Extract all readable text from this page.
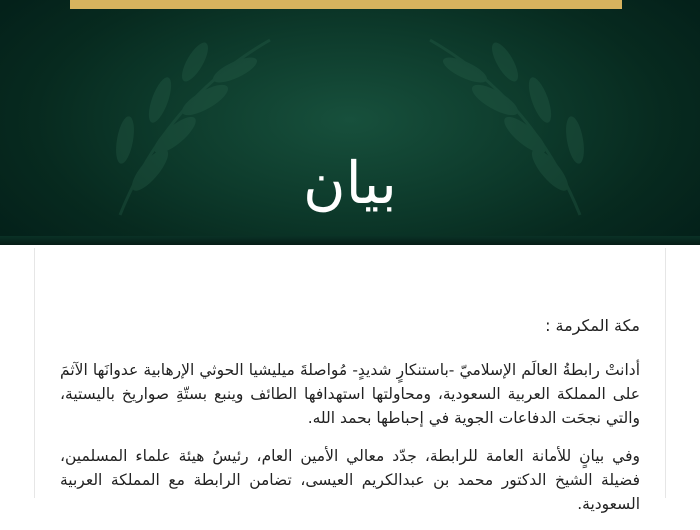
بيان
مكة المكرمة :

أدانتْ رابطةُ العالَم الإسلاميّ -باستنكارٍ شديدٍ- مُواصلةَ ميليشيا الحوثي الإرهابية عدوانَها الآثمَ على المملكة العربية السعودية، ومحاولتها استهدافها الطائف وينبع بستّةِ صواريخ باليستية، والتي نجحَت الدفاعات الجوية في إحباطها بحمد الله.

وفي بيانٍ للأمانة العامة للرابطة، جدّد معالي الأمين العام، رئيسُ هيئة علماء المسلمين، فضيلة الشيخ الدكتور محمد بن عبدالكريم العيسى، تضامن الرابطة مع المملكة العربية السعودية.
